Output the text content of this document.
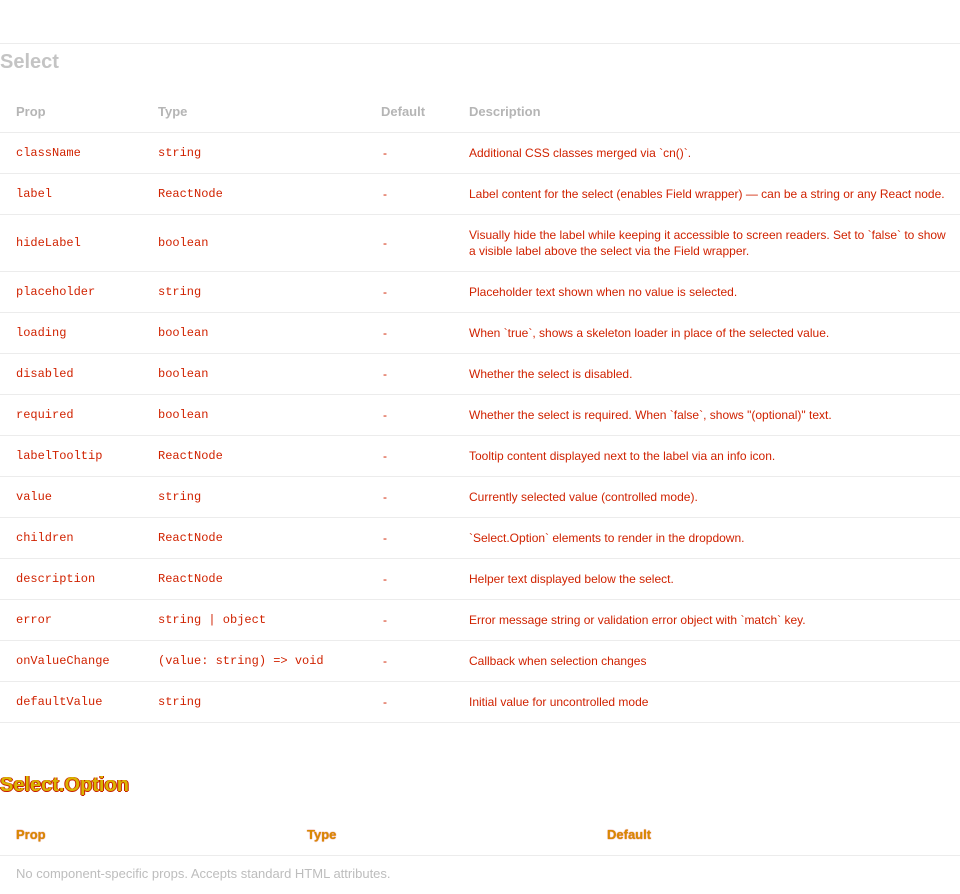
Select
Prop	Type	Default	Description
className	string	-	Additional CSS classes merged via `cn()`.
label	ReactNode	-	Label content for the select (enables Field wrapper) — can be a string or any React node.
hideLabel	boolean	-	Visually hide the label while keeping it accessible to screen readers. Set to `false` to show a visible label above the select via the Field wrapper.
placeholder	string	-	Placeholder text shown when no value is selected.
loading	boolean	-	When `true`, shows a skeleton loader in place of the selected value.
disabled	boolean	-	Whether the select is disabled.
required	boolean	-	Whether the select is required. When `false`, shows "(optional)" text.
labelTooltip	ReactNode	-	Tooltip content displayed next to the label via an info icon.
value	string	-	Currently selected value (controlled mode).
children	ReactNode	-	`Select.Option` elements to render in the dropdown.
description	ReactNode	-	Helper text displayed below the select.
error	string | object	-	Error message string or validation error object with `match` key.
onValueChange	(value: string) => void	-	Callback when selection changes
defaultValue	string	-	Initial value for uncontrolled mode
Select.Option
Prop	Type	Default
No component-specific props. Accepts standard HTML attributes.
